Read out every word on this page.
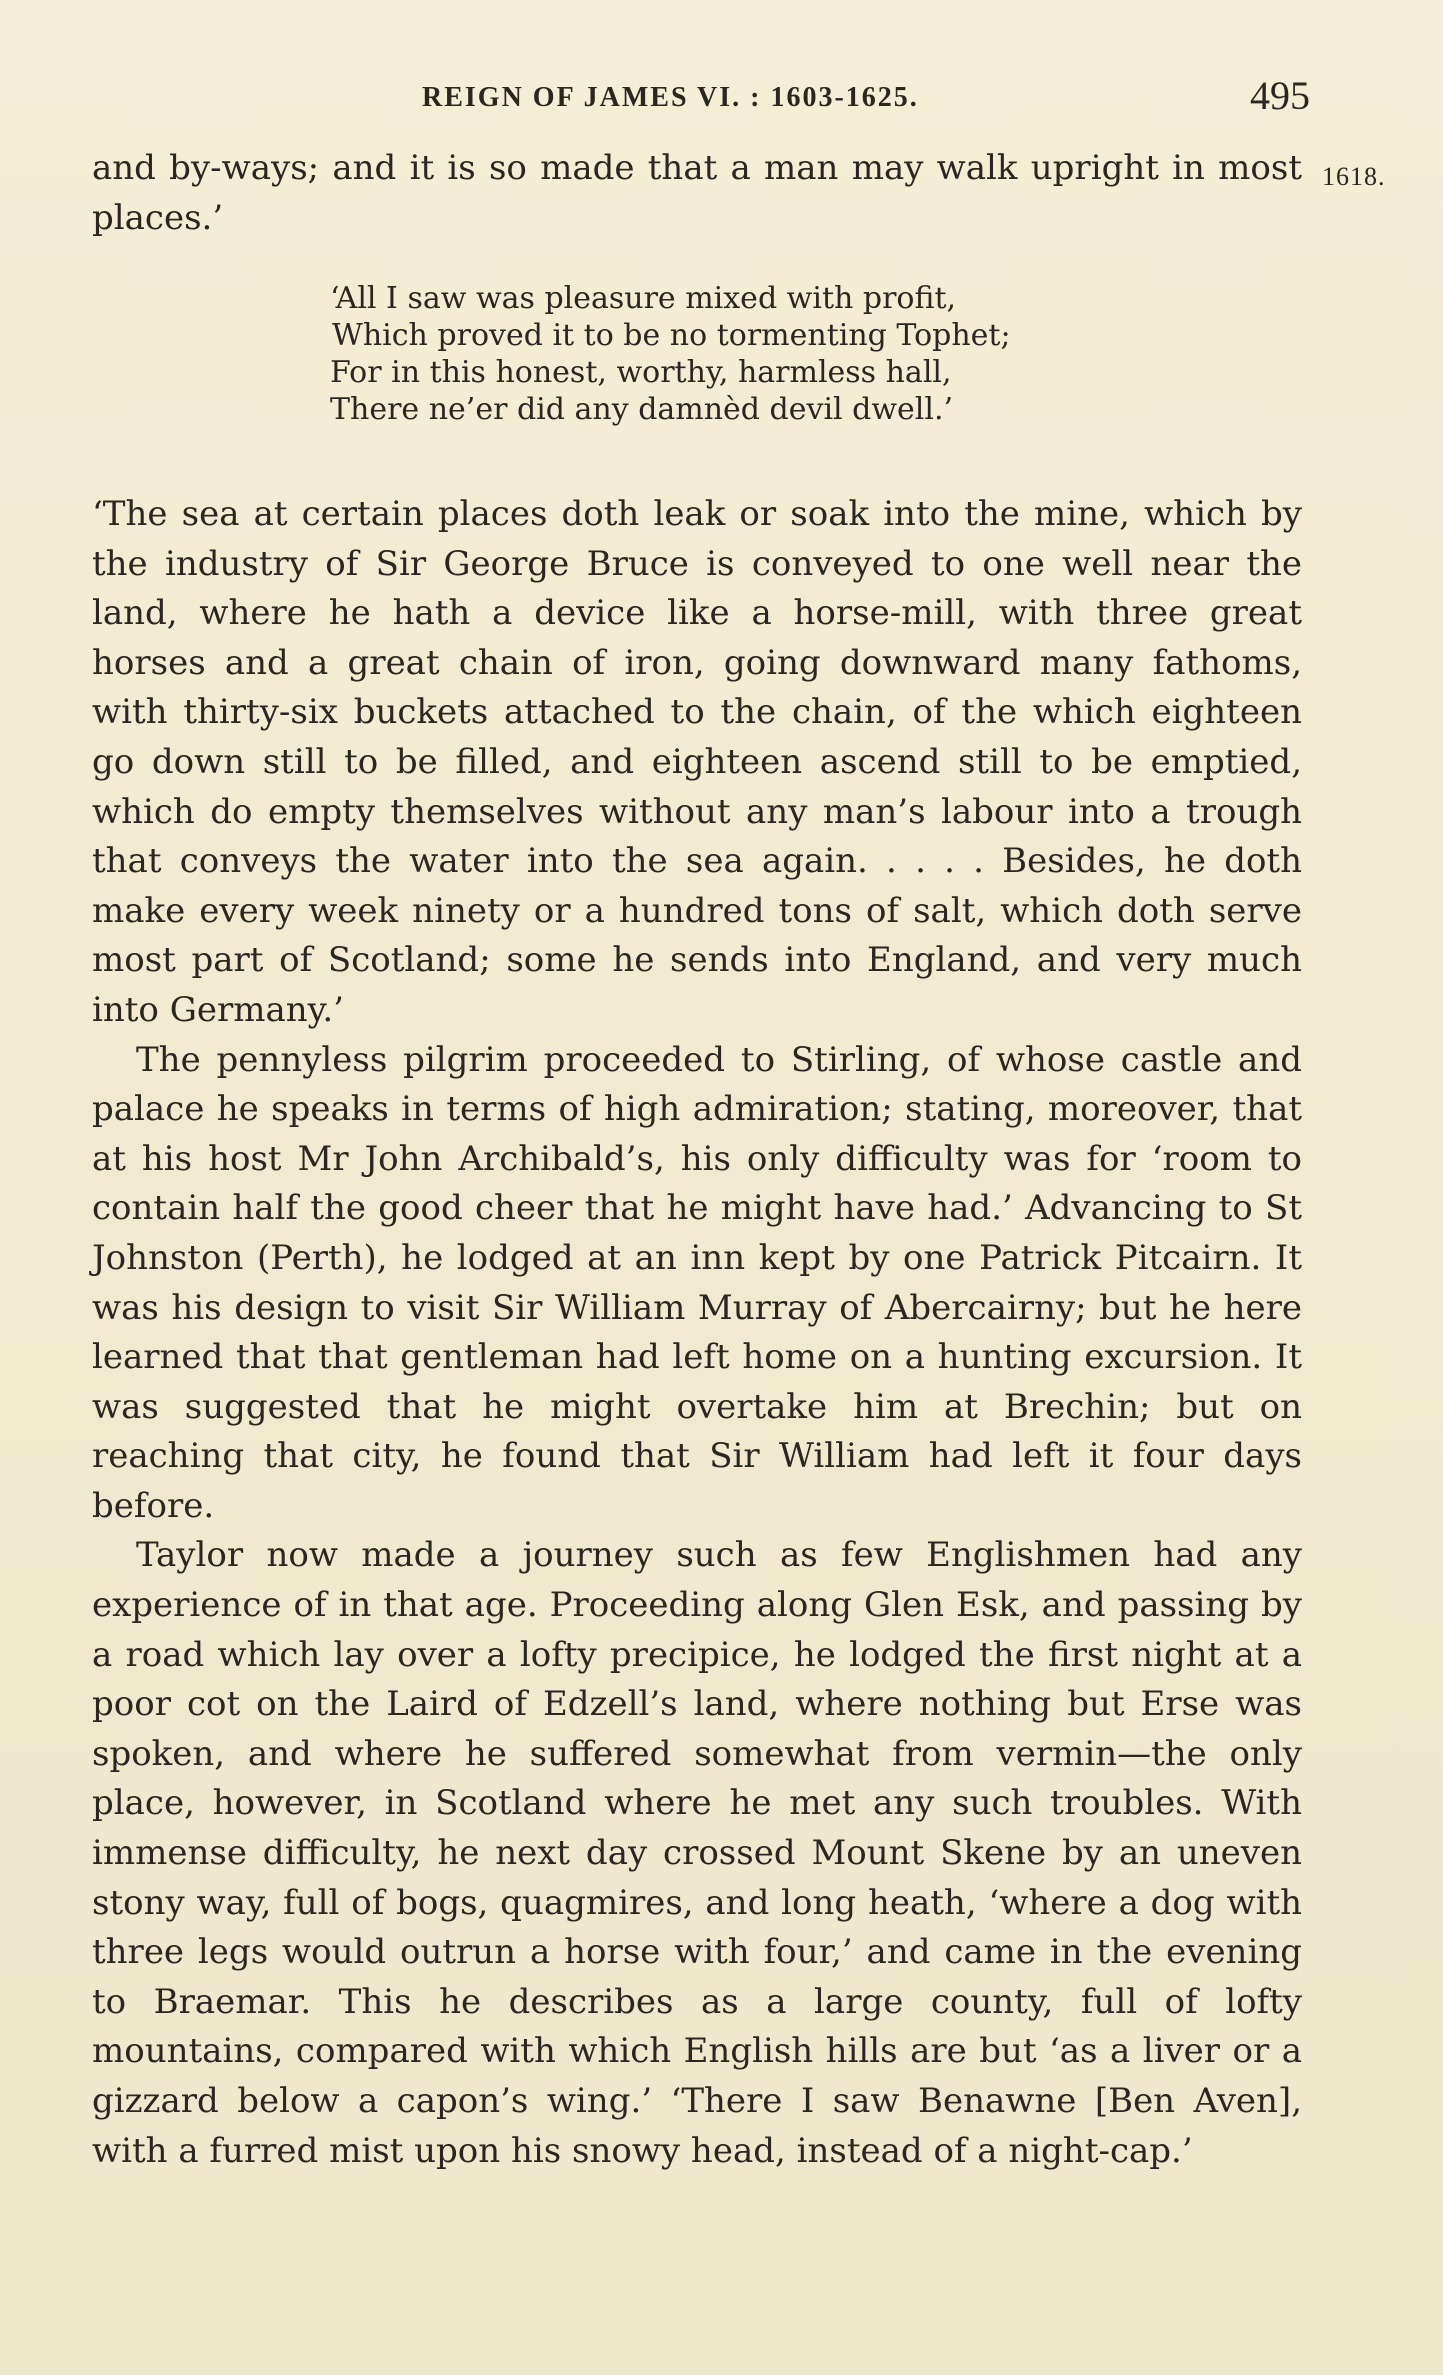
REIGN OF JAMES VI. : 1603-1625.	495
1618.

and by-ways; and it is so made that a man may walk upright in most places.’

‘All I saw was pleasure mixed with profit,
Which proved it to be no tormenting Tophet;
For in this honest, worthy, harmless hall,
There ne’er did any damnèd devil dwell.’

‘The sea at certain places doth leak or soak into the mine, which by the industry of Sir George Bruce is conveyed to one well near the land, where he hath a device like a horse-mill, with three great horses and a great chain of iron, going downward many fathoms, with thirty-six buckets attached to the chain, of the which eighteen go down still to be filled, and eighteen ascend still to be emptied, which do empty themselves without any man’s labour into a trough that conveys the water into the sea again. . . . . Besides, he doth make every week ninety or a hundred tons of salt, which doth serve most part of Scotland; some he sends into England, and very much into Germany.’

The pennyless pilgrim proceeded to Stirling, of whose castle and palace he speaks in terms of high admiration; stating, moreover, that at his host Mr John Archibald’s, his only difficulty was for ‘room to contain half the good cheer that he might have had.’ Advancing to St Johnston (Perth), he lodged at an inn kept by one Patrick Pitcairn. It was his design to visit Sir William Murray of Abercairny; but he here learned that that gentleman had left home on a hunting excursion. It was suggested that he might overtake him at Brechin; but on reaching that city, he found that Sir William had left it four days before.

Taylor now made a journey such as few Englishmen had any experience of in that age. Proceeding along Glen Esk, and passing by a road which lay over a lofty precipice, he lodged the first night at a poor cot on the Laird of Edzell’s land, where nothing but Erse was spoken, and where he suffered somewhat from vermin—the only place, however, in Scotland where he met any such troubles. With immense difficulty, he next day crossed Mount Skene by an uneven stony way, full of bogs, quagmires, and long heath, ‘where a dog with three legs would outrun a horse with four,’ and came in the evening to Braemar. This he describes as a large county, full of lofty mountains, compared with which English hills are but ‘as a liver or a gizzard below a capon’s wing.’ ‘There I saw Benawne [Ben Aven], with a furred mist upon his snowy head, instead of a night-cap.’
